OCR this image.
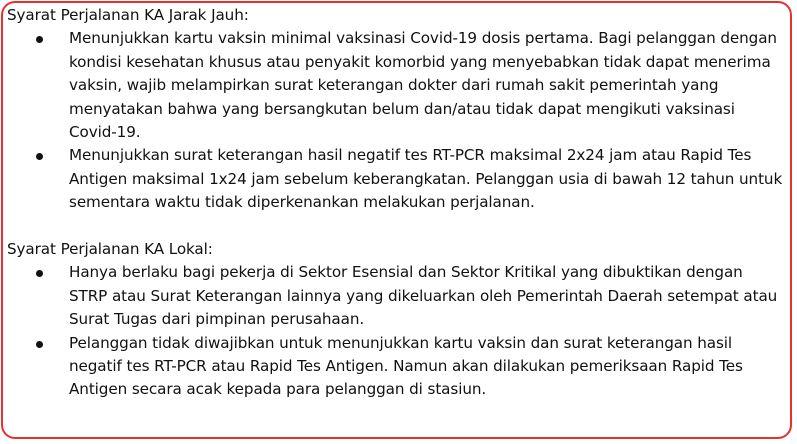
Syarat Perjalanan KA Jarak Jauh:

Menunjukkan kartu vaksin minimal vaksinasi Covid-19 dosis pertama. Bagi pelanggan dengan kondisi kesehatan khusus atau penyakit komorbid yang menyebabkan tidak dapat menerima vaksin, wajib melampirkan surat keterangan dokter dari rumah sakit pemerintah yang menyatakan bahwa yang bersangkutan belum dan/atau tidak dapat mengikuti vaksinasi Covid-19.
Menunjukkan surat keterangan hasil negatif tes RT-PCR maksimal 2x24 jam atau Rapid Tes Antigen maksimal 1x24 jam sebelum keberangkatan. Pelanggan usia di bawah 12 tahun untuk sementara waktu tidak diperkenankan melakukan perjalanan.

Syarat Perjalanan KA Lokal:

Hanya berlaku bagi pekerja di Sektor Esensial dan Sektor Kritikal yang dibuktikan dengan STRP atau Surat Keterangan lainnya yang dikeluarkan oleh Pemerintah Daerah setempat atau Surat Tugas dari pimpinan perusahaan.
Pelanggan tidak diwajibkan untuk menunjukkan kartu vaksin dan surat keterangan hasil negatif tes RT-PCR atau Rapid Tes Antigen. Namun akan dilakukan pemeriksaan Rapid Tes Antigen secara acak kepada para pelanggan di stasiun.
